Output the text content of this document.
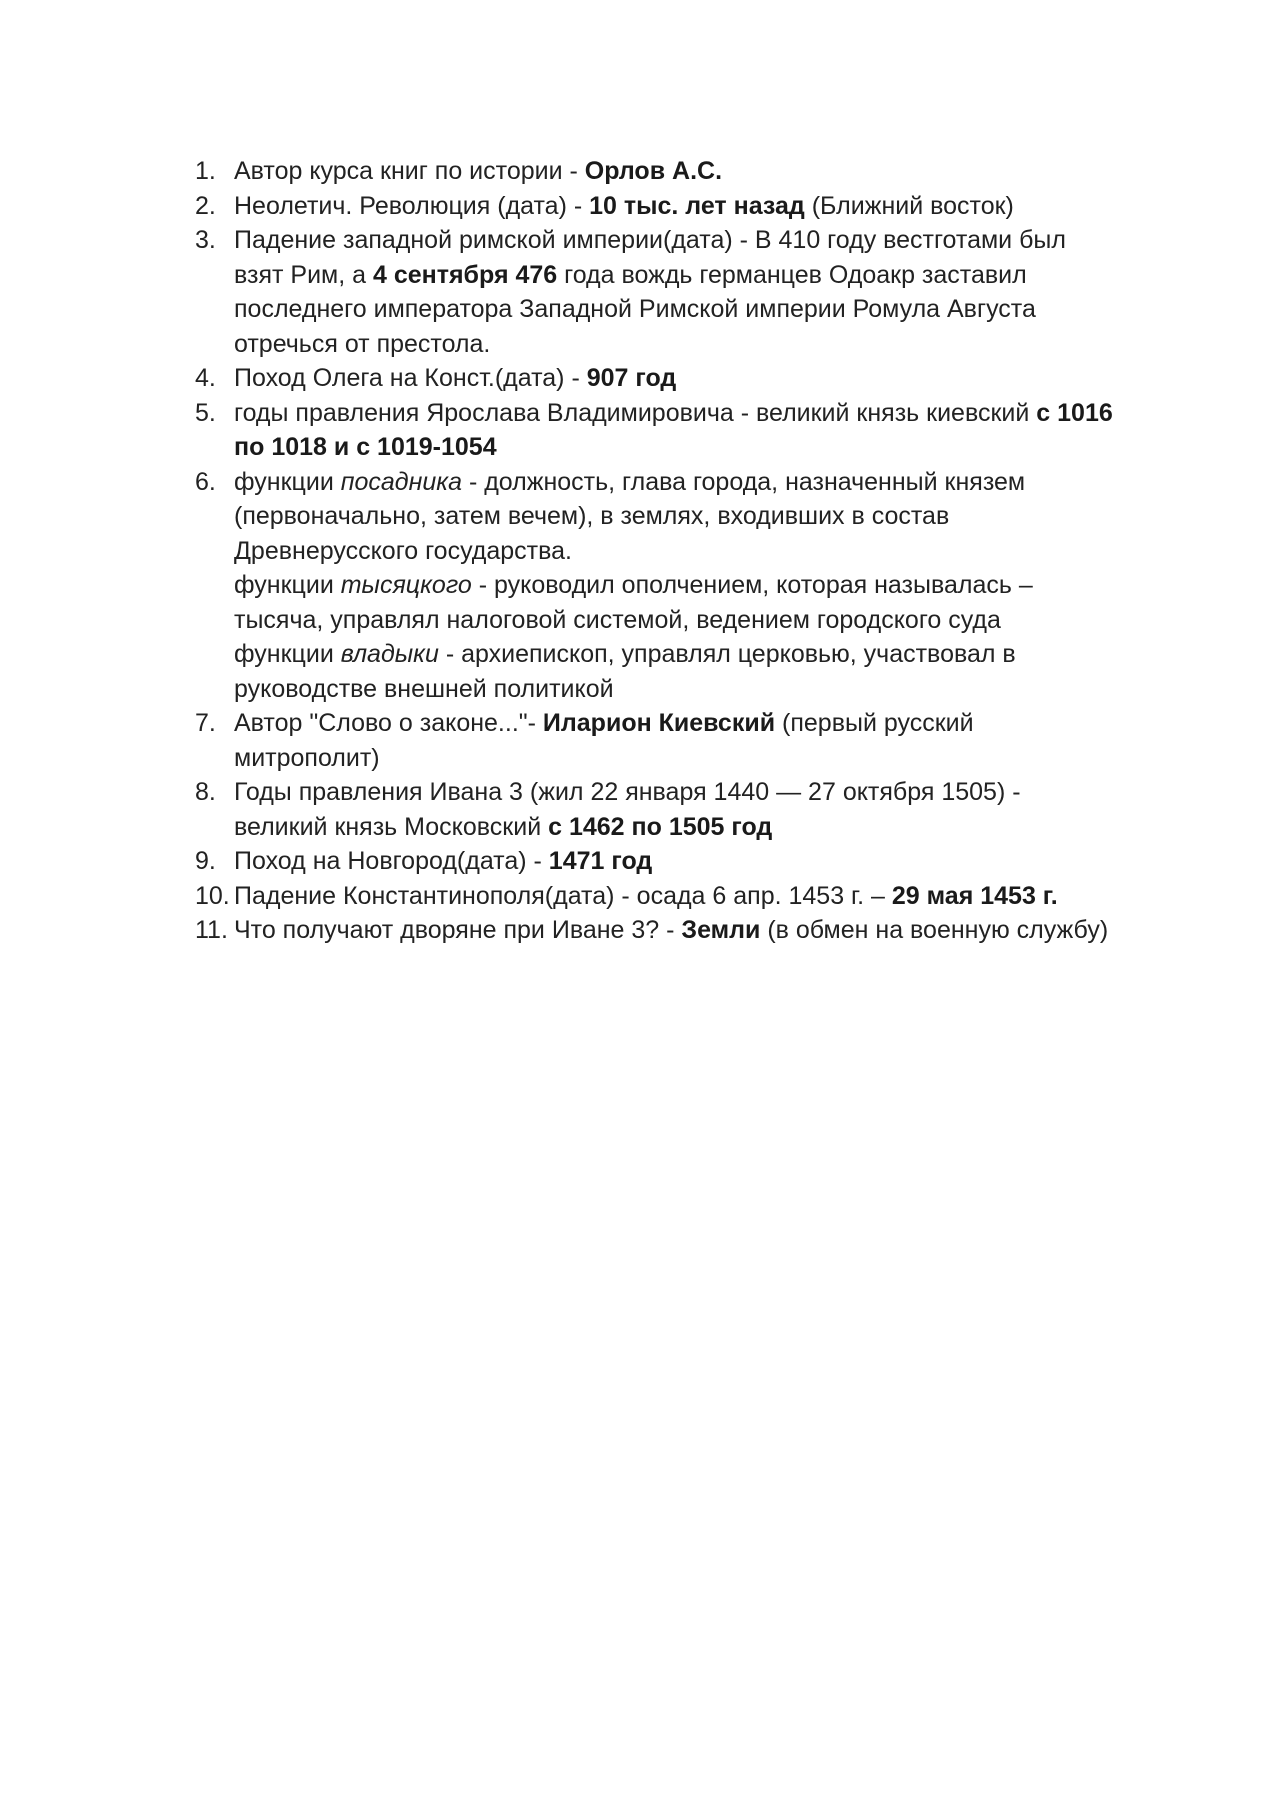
1. Автор курса книг по истории - Орлов А.С.
2. Неолетич. Революция (дата) - 10 тыс. лет назад (Ближний восток)
3. Падение западной римской империи(дата) - В 410 году вестготами был взят Рим, а 4 сентября 476 года вождь германцев Одоакр заставил последнего императора Западной Римской империи Ромула Августа отречься от престола.
4. Поход Олега на Конст.(дата) - 907 год
5. годы правления Ярослава Владимировича - великий князь киевский с 1016 по 1018 и с 1019-1054
6. функции посадника - должность, глава города, назначенный князем (первоначально, затем вечем), в землях, входивших в состав Древнерусского государства.
функции тысяцкого - руководил ополчением, которая называлась – тысяча, управлял налоговой системой, ведением городского суда
функции владыки - архиепископ, управлял церковью, участвовал в руководстве внешней политикой
7. Автор "Слово о законе..."- Иларион Киевский (первый русский митрополит)
8. Годы правления Ивана 3 (жил 22 января 1440 — 27 октября 1505) - великий князь Московский с 1462 по 1505 год
9. Поход на Новгород(дата) - 1471 год
10. Падение Константинополя(дата) - осада 6 апр. 1453 г. – 29 мая 1453 г.
11. Что получают дворяне при Иване 3? - Земли (в обмен на военную службу)
